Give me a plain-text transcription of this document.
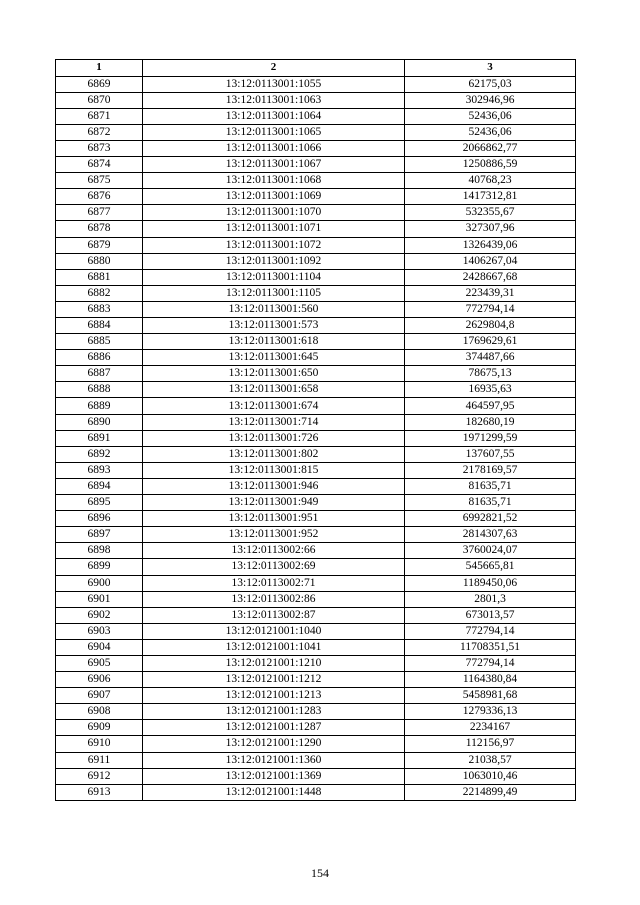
1	2	3
6869	13:12:0113001:1055	62175,03
6870	13:12:0113001:1063	302946,96
6871	13:12:0113001:1064	52436,06
6872	13:12:0113001:1065	52436,06
6873	13:12:0113001:1066	2066862,77
6874	13:12:0113001:1067	1250886,59
6875	13:12:0113001:1068	40768,23
6876	13:12:0113001:1069	1417312,81
6877	13:12:0113001:1070	532355,67
6878	13:12:0113001:1071	327307,96
6879	13:12:0113001:1072	1326439,06
6880	13:12:0113001:1092	1406267,04
6881	13:12:0113001:1104	2428667,68
6882	13:12:0113001:1105	223439,31
6883	13:12:0113001:560	772794,14
6884	13:12:0113001:573	2629804,8
6885	13:12:0113001:618	1769629,61
6886	13:12:0113001:645	374487,66
6887	13:12:0113001:650	78675,13
6888	13:12:0113001:658	16935,63
6889	13:12:0113001:674	464597,95
6890	13:12:0113001:714	182680,19
6891	13:12:0113001:726	1971299,59
6892	13:12:0113001:802	137607,55
6893	13:12:0113001:815	2178169,57
6894	13:12:0113001:946	81635,71
6895	13:12:0113001:949	81635,71
6896	13:12:0113001:951	6992821,52
6897	13:12:0113001:952	2814307,63
6898	13:12:0113002:66	3760024,07
6899	13:12:0113002:69	545665,81
6900	13:12:0113002:71	1189450,06
6901	13:12:0113002:86	2801,3
6902	13:12:0113002:87	673013,57
6903	13:12:0121001:1040	772794,14
6904	13:12:0121001:1041	11708351,51
6905	13:12:0121001:1210	772794,14
6906	13:12:0121001:1212	1164380,84
6907	13:12:0121001:1213	5458981,68
6908	13:12:0121001:1283	1279336,13
6909	13:12:0121001:1287	2234167
6910	13:12:0121001:1290	112156,97
6911	13:12:0121001:1360	21038,57
6912	13:12:0121001:1369	1063010,46
6913	13:12:0121001:1448	2214899,49
154
